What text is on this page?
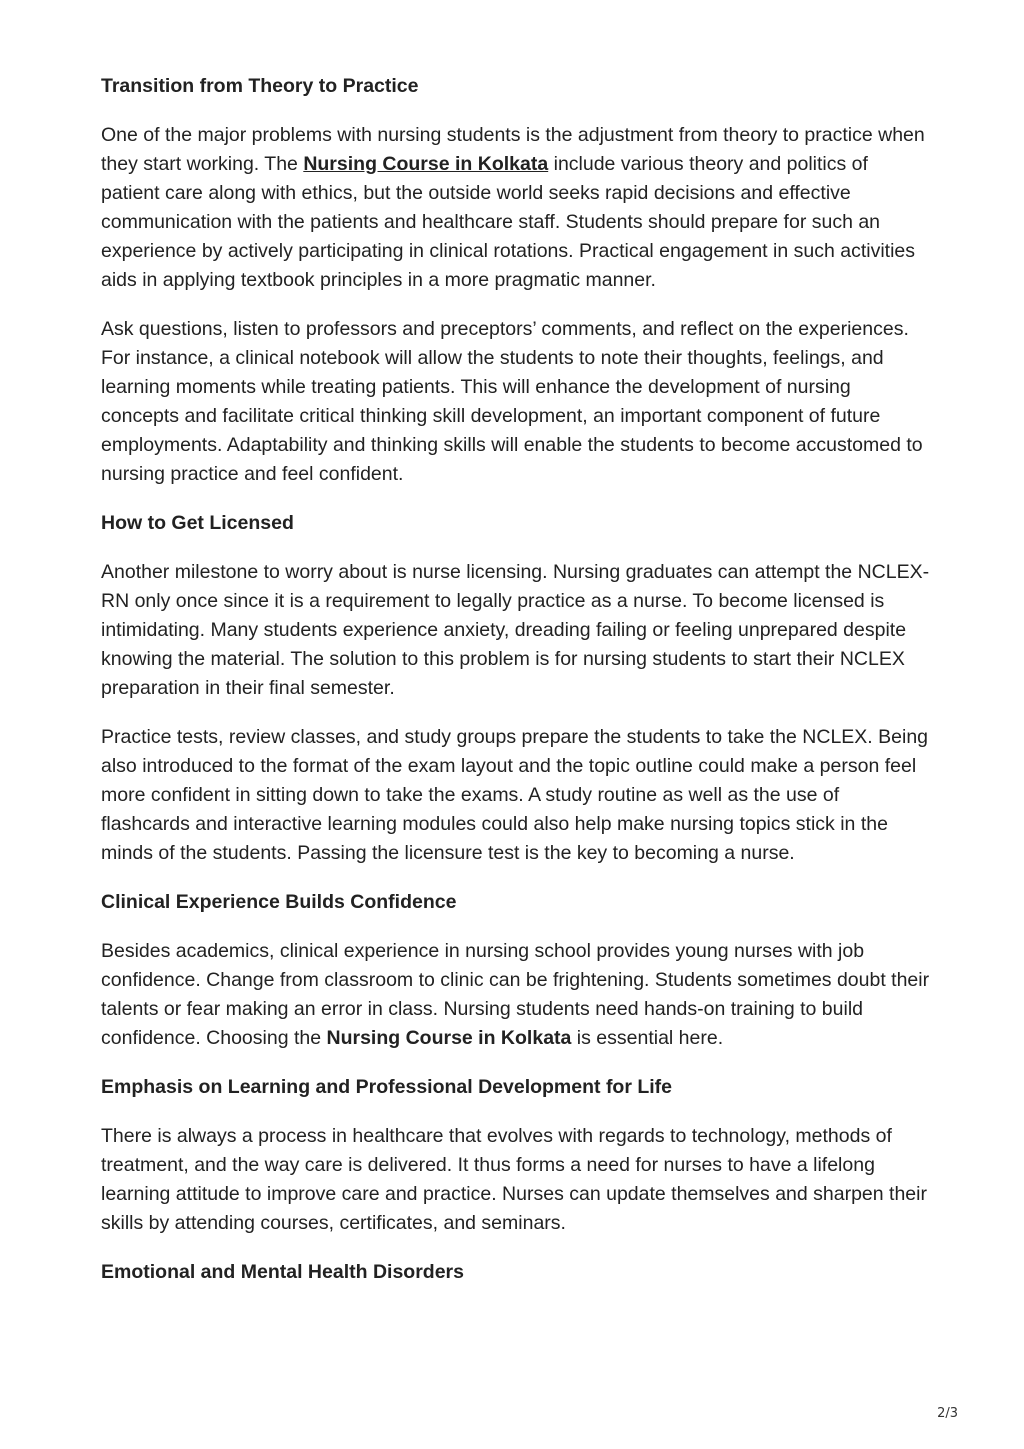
Transition from Theory to Practice

One of the major problems with nursing students is the adjustment from theory to practice when they start working. The Nursing Course in Kolkata include various theory and politics of patient care along with ethics, but the outside world seeks rapid decisions and effective communication with the patients and healthcare staff. Students should prepare for such an experience by actively participating in clinical rotations. Practical engagement in such activities aids in applying textbook principles in a more pragmatic manner.

Ask questions, listen to professors and preceptors’ comments, and reflect on the experiences. For instance, a clinical notebook will allow the students to note their thoughts, feelings, and learning moments while treating patients. This will enhance the development of nursing concepts and facilitate critical thinking skill development, an important component of future employments. Adaptability and thinking skills will enable the students to become accustomed to nursing practice and feel confident.

How to Get Licensed

Another milestone to worry about is nurse licensing. Nursing graduates can attempt the NCLEX-RN only once since it is a requirement to legally practice as a nurse. To become licensed is intimidating. Many students experience anxiety, dreading failing or feeling unprepared despite knowing the material. The solution to this problem is for nursing students to start their NCLEX preparation in their final semester.

Practice tests, review classes, and study groups prepare the students to take the NCLEX. Being also introduced to the format of the exam layout and the topic outline could make a person feel more confident in sitting down to take the exams. A study routine as well as the use of flashcards and interactive learning modules could also help make nursing topics stick in the minds of the students. Passing the licensure test is the key to becoming a nurse.

Clinical Experience Builds Confidence

Besides academics, clinical experience in nursing school provides young nurses with job confidence. Change from classroom to clinic can be frightening. Students sometimes doubt their talents or fear making an error in class. Nursing students need hands-on training to build confidence. Choosing the Nursing Course in Kolkata is essential here.

Emphasis on Learning and Professional Development for Life

There is always a process in healthcare that evolves with regards to technology, methods of treatment, and the way care is delivered. It thus forms a need for nurses to have a lifelong learning attitude to improve care and practice. Nurses can update themselves and sharpen their skills by attending courses, certificates, and seminars.

Emotional and Mental Health Disorders
2/3
